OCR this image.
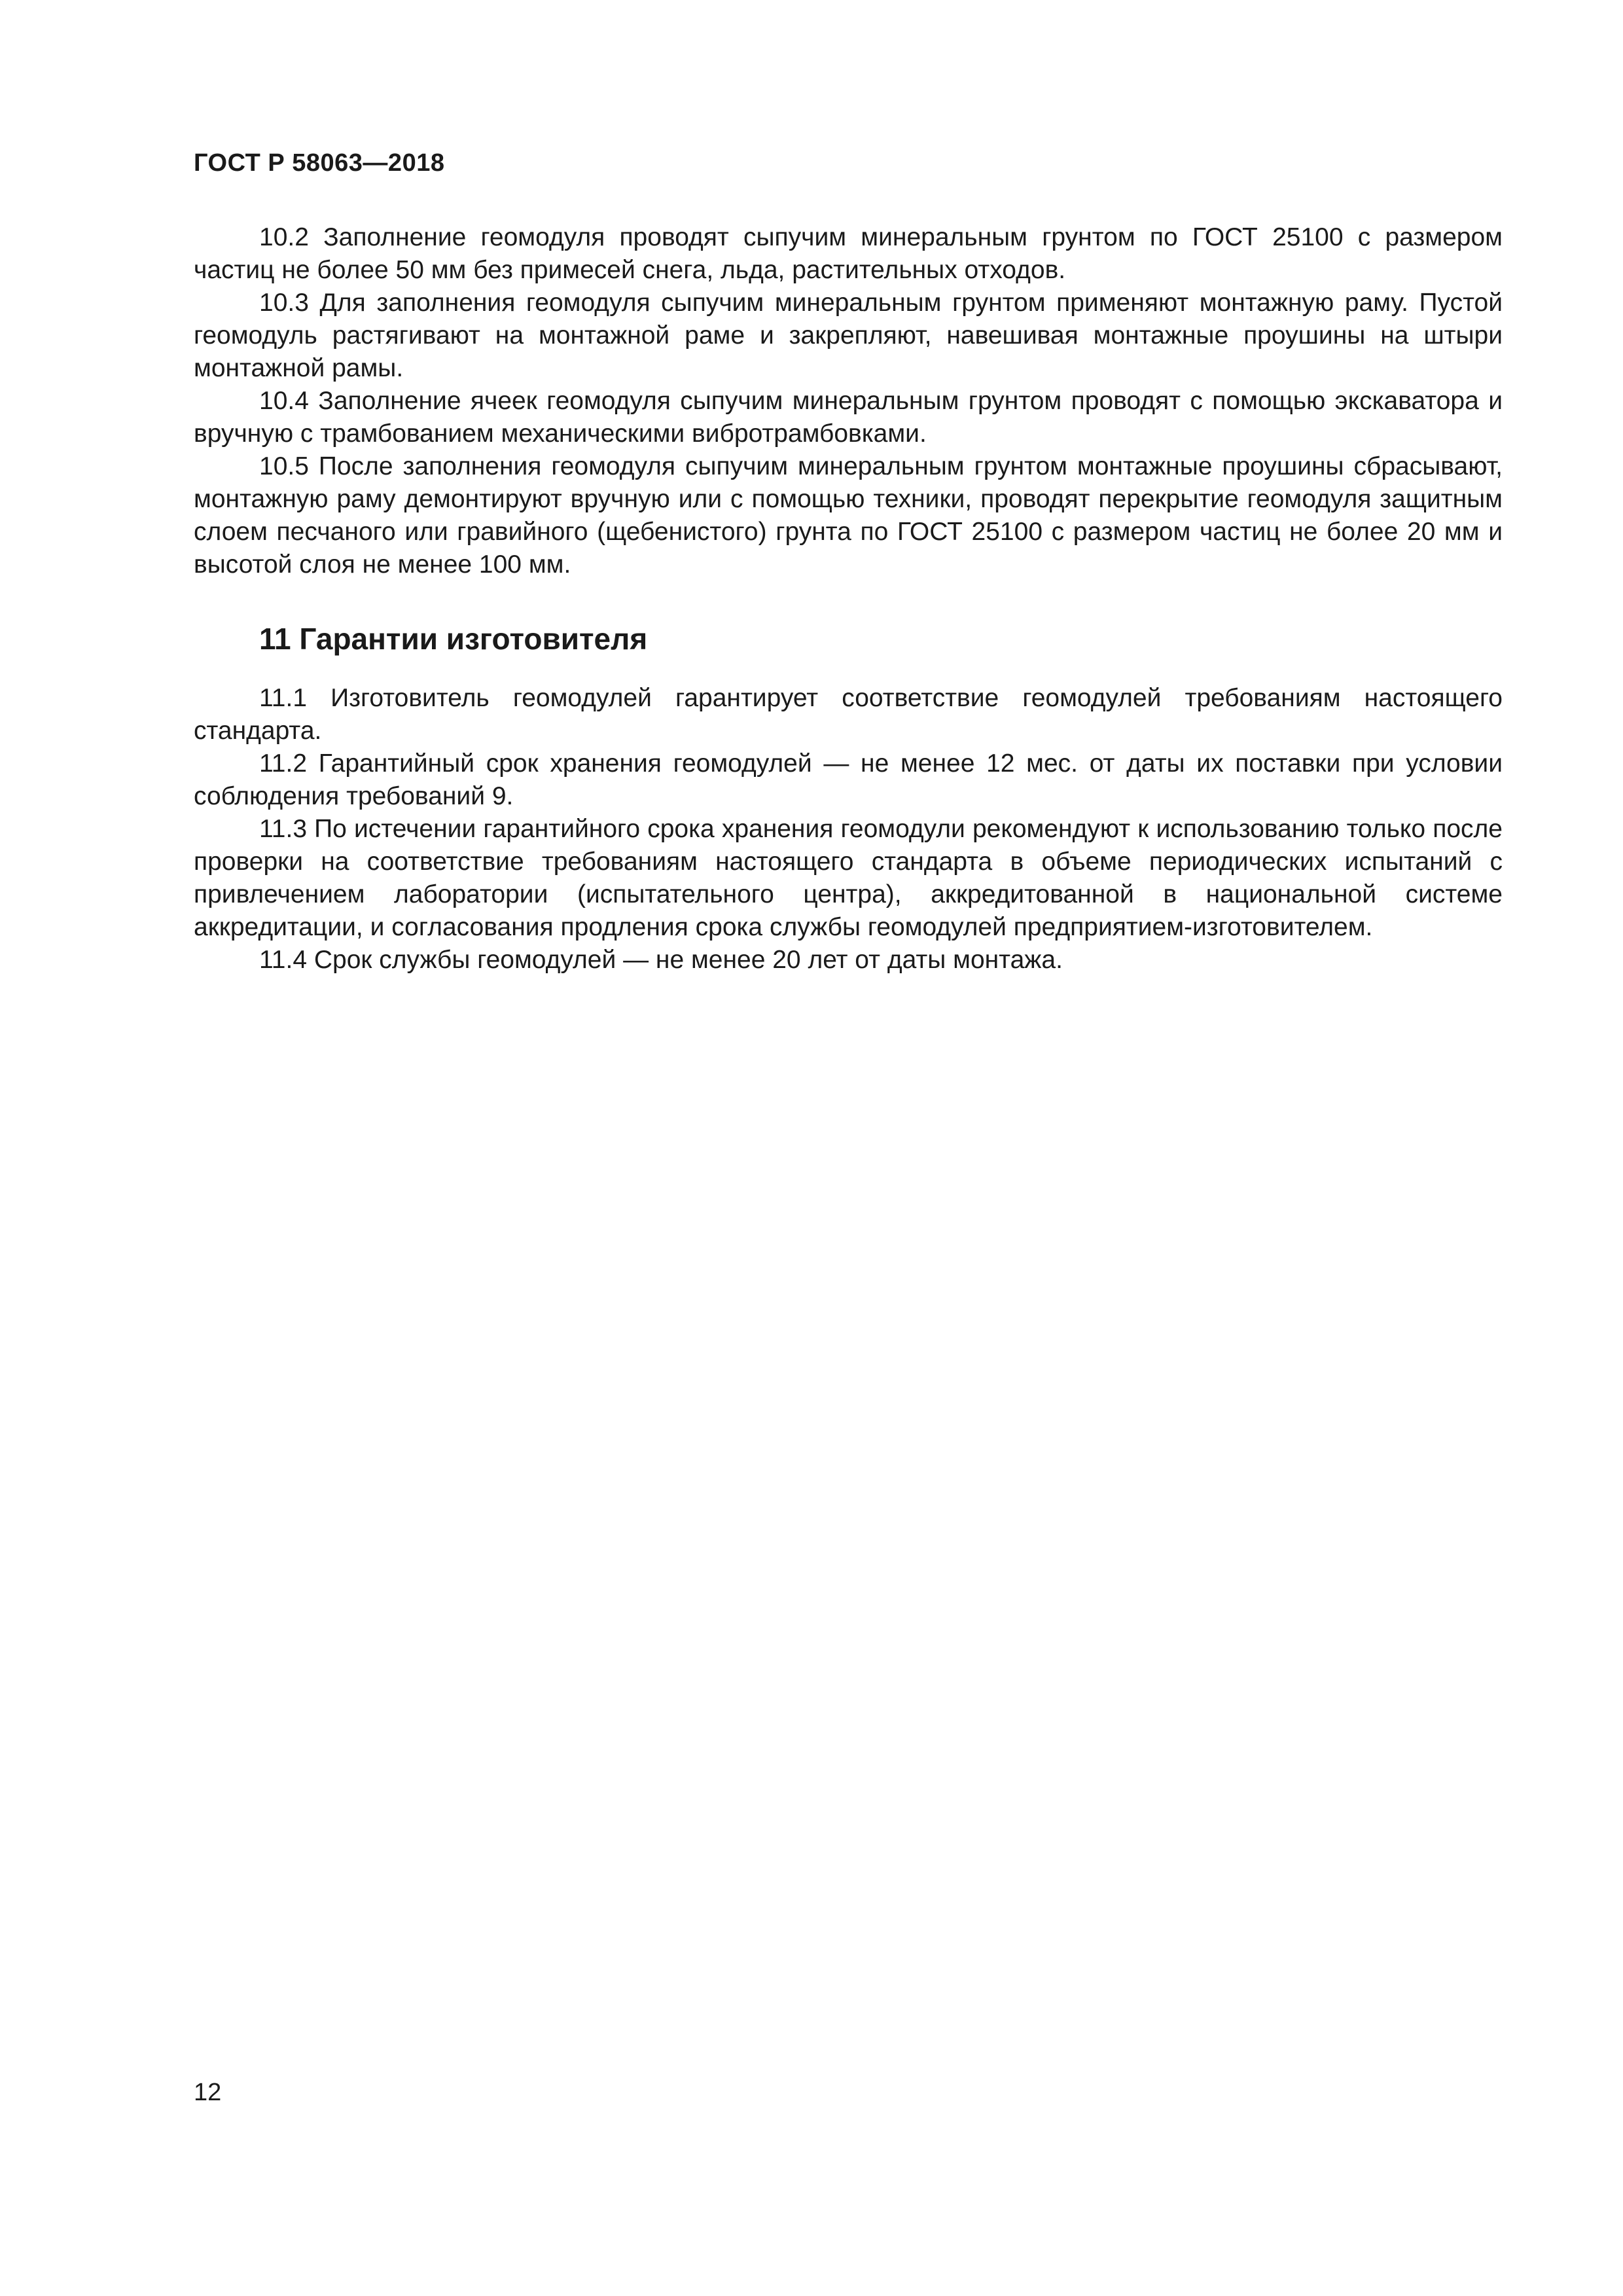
ГОСТ Р 58063—2018

10.2 Заполнение геомодуля проводят сыпучим минеральным грунтом по ГОСТ 25100 с размером частиц не более 50 мм без примесей снега, льда, растительных отходов.

10.3 Для заполнения геомодуля сыпучим минеральным грунтом применяют монтажную раму. Пустой геомодуль растягивают на монтажной раме и закрепляют, навешивая монтажные проушины на штыри монтажной рамы.

10.4 Заполнение ячеек геомодуля сыпучим минеральным грунтом проводят с помощью экскаватора и вручную с трамбованием механическими вибротрамбовками.

10.5 После заполнения геомодуля сыпучим минеральным грунтом монтажные проушины сбрасывают, монтажную раму демонтируют вручную или с помощью техники, проводят перекрытие геомодуля защитным слоем песчаного или гравийного (щебенистого) грунта по ГОСТ 25100 с размером частиц не более 20 мм и высотой слоя не менее 100 мм.

11 Гарантии изготовителя

11.1 Изготовитель геомодулей гарантирует соответствие геомодулей требованиям настоящего стандарта.

11.2 Гарантийный срок хранения геомодулей — не менее 12 мес. от даты их поставки при условии соблюдения требований 9.

11.3 По истечении гарантийного срока хранения геомодули рекомендуют к использованию только после проверки на соответствие требованиям настоящего стандарта в объеме периодических испытаний с привлечением лаборатории (испытательного центра), аккредитованной в национальной системе аккредитации, и согласования продления срока службы геомодулей предприятием-изготовителем.

11.4 Срок службы геомодулей — не менее 20 лет от даты монтажа.

12
